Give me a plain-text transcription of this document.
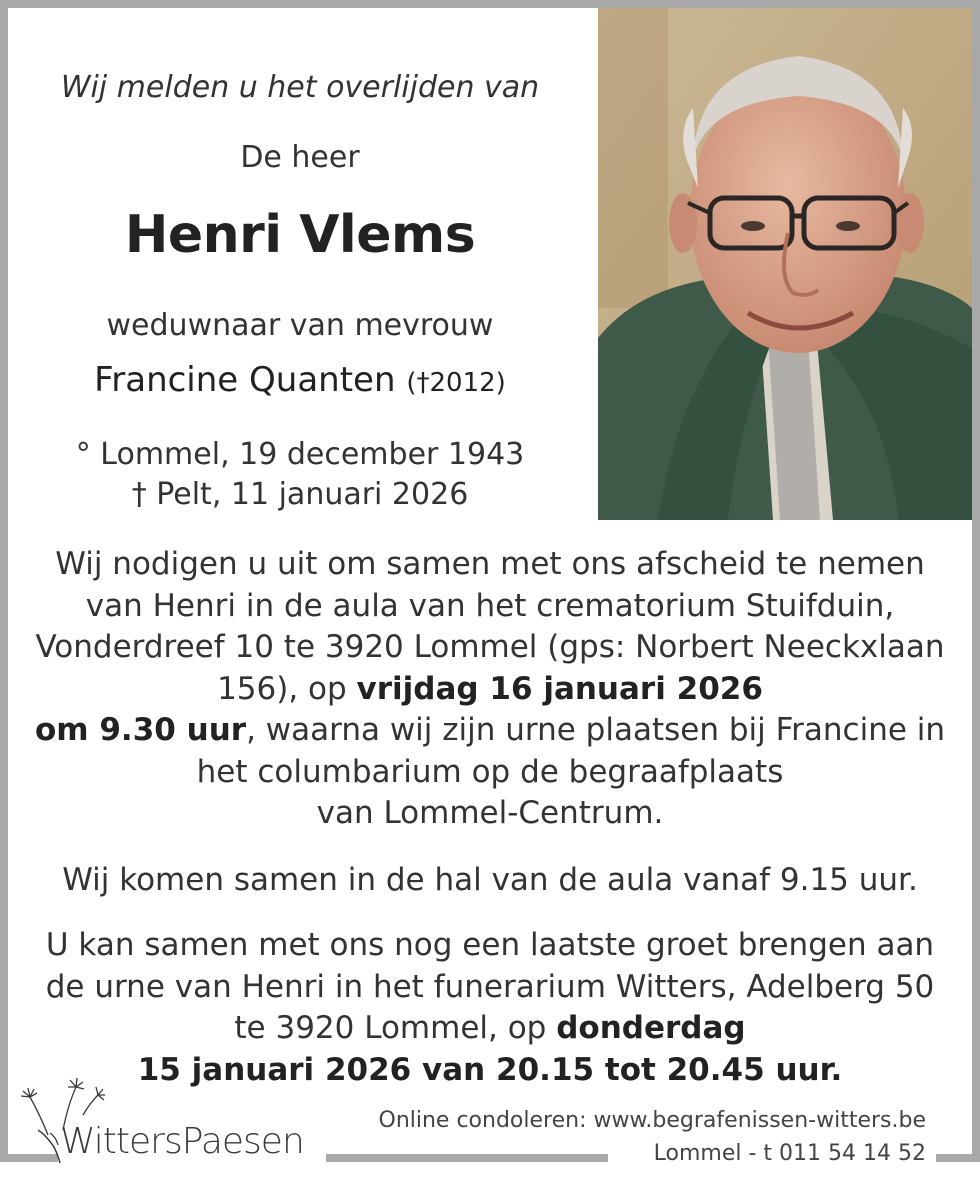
Wij melden u het overlijden van
De heer
Henri Vlems
weduwnaar van mevrouw
Francine Quanten (†2012)
° Lommel, 19 december 1943
† Pelt, 11 januari 2026
Wij nodigen u uit om samen met ons afscheid te nemen van Henri in de aula van het crematorium Stuifduin, Vonderdreef 10 te 3920 Lommel (gps: Norbert Neeckxlaan 156), op vrijdag 16 januari 2026
om 9.30 uur, waarna wij zijn urne plaatsen bij Francine in het columbarium op de begraafplaats
van Lommel-Centrum.
Wij komen samen in de hal van de aula vanaf 9.15 uur.
U kan samen met ons nog een laatste groet brengen aan de urne van Henri in het funerarium Witters, Adelberg 50 te 3920 Lommel, op donderdag
15 januari 2026 van 20.15 tot 20.45 uur.
WittersPaesen
Online condoleren: www.begrafenissen-witters.be
Lommel - t 011 54 14 52
